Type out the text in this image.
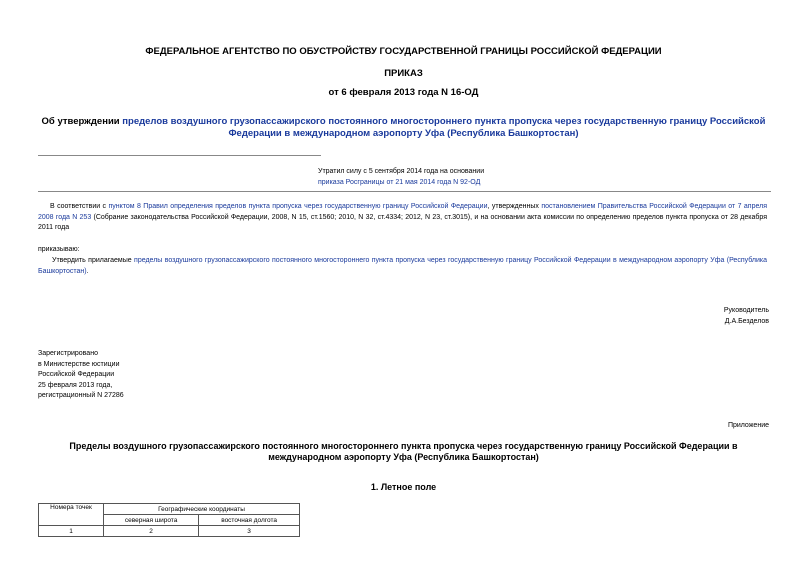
ФЕДЕРАЛЬНОЕ АГЕНТСТВО ПО ОБУСТРОЙСТВУ ГОСУДАРСТВЕННОЙ ГРАНИЦЫ РОССИЙСКОЙ ФЕДЕРАЦИИ
ПРИКАЗ
от 6 февраля 2013 года N 16-ОД
Об утверждении пределов воздушного грузопассажирского постоянного многостороннего пункта пропуска через государственную границу Российской
Федерации в международном аэропорту Уфа (Республика Башкортостан)
Утратил силу с 5 сентября 2014 года на основании
приказа Росграницы от 21 мая 2014 года N 92-ОД
В соответствии с пунктом 8 Правил определения пределов пункта пропуска через государственную границу Российской Федерации, утвержденных постановлением Правительства Российской Федерации от 7 апреля 2008 года N 253 (Собрание законодательства Российской Федерации, 2008, N 15, ст.1560; 2010, N 32, ст.4334; 2012, N 23, ст.3015), и на основании акта комиссии по определению пределов пункта пропуска от 28 декабря 2011 года
приказываю:
Утвердить прилагаемые пределы воздушного грузопассажирского постоянного многостороннего пункта пропуска через государственную границу Российской Федерации в международном аэропорту Уфа (Республика Башкортостан).
Руководитель
Д.А.Безделов
Зарегистрировано
в Министерстве юстиции
Российской Федерации
25 февраля 2013 года,
регистрационный N 27286
Приложение
Пределы воздушного грузопассажирского постоянного многостороннего пункта пропуска через государственную границу Российской Федерации в
международном аэропорту Уфа (Республика Башкортостан)
1. Летное поле
Номера точек	Географические координаты	
	северная широта	восточная долгота
1	2	3
